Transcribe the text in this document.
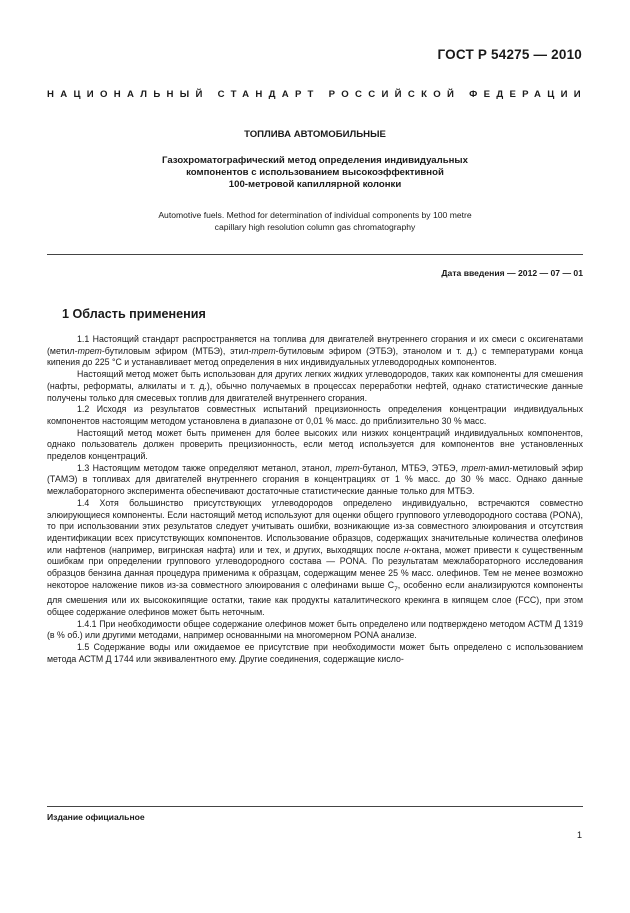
ГОСТ Р 54275 — 2010
НАЦИОНАЛЬНЫЙ СТАНДАРТ РОССИЙСКОЙ ФЕДЕРАЦИИ
ТОПЛИВА АВТОМОБИЛЬНЫЕ
Газохроматографический метод определения индивидуальных
компонентов с использованием высокоэффективной
100-метровой капиллярной колонки
Automotive fuels. Method for determination of individual components by 100 metre
capillary high resolution column gas chromatography
Дата введения — 2012 — 07 — 01
1 Область применения

1.1 Настоящий стандарт распространяется на топлива для двигателей внутреннего сгорания и их смеси с оксигенатами (метил-трет-бутиловым эфиром (МТБЭ), этил-трет-бутиловым эфиром (ЭТБЭ), этанолом и т. д.) с температурами конца кипения до 225 °С и устанавливает метод определения в них индивидуальных углеводородных компонентов.

Настоящий метод может быть использован для других легких жидких углеводородов, таких как компоненты для смешения (нафты, реформаты, алкилаты и т. д.), обычно получаемых в процессах переработки нефтей, однако статистические данные получены только для смесевых топлив для двигателей внутреннего сгорания.

1.2 Исходя из результатов совместных испытаний прецизионность определения концентрации индивидуальных компонентов настоящим методом установлена в диапазоне от 0,01 % масс. до приблизительно 30 % масс.

Настоящий метод может быть применен для более высоких или низких концентраций индивидуальных компонентов, однако пользователь должен проверить прецизионность, если метод используется для компонентов вне установленных пределов концентраций.

1.3 Настоящим методом также определяют метанол, этанол, трет-бутанол, МТБЭ, ЭТБЭ, трет-амил-метиловый эфир (ТАМЭ) в топливах для двигателей внутреннего сгорания в концентрациях от 1 % масс. до 30 % масс. Однако данные межлабораторного эксперимента обеспечивают достаточные статистические данные только для МТБЭ.

1.4 Хотя большинство присутствующих углеводородов определено индивидуально, встречаются совместно элюирующиеся компоненты. Если настоящий метод используют для оценки общего группового углеводородного состава (PONA), то при использовании этих результатов следует учитывать ошибки, возникающие из-за совместного элюирования и отсутствия идентификации всех присутствующих компонентов. Использование образцов, содержащих значительные количества олефинов или нафтенов (например, вигринская нафта) или и тех, и других, выходящих после н-октана, может привести к существенным ошибкам при определении группового углеводородного состава — PONA. По результатам межлабораторного исследования образцов бензина данная процедура применима к образцам, содержащим менее 25 % масс. олефинов. Тем не менее возможно некоторое наложение пиков из-за совместного элюирования с олефинами выше $C_7$, особенно если анализируются компоненты для смешения или их высококипящие остатки, такие как продукты каталитического крекинга в кипящем слое (FCC), при этом общее содержание олефинов может быть неточным.

1.4.1 При необходимости общее содержание олефинов может быть определено или подтверждено методом АСТМ Д 1319 (в % об.) или другими методами, например основанными на многомерном PONA анализе.

1.5 Содержание воды или ожидаемое ее присутствие при необходимости может быть определено с использованием метода АСТМ Д 1744 или эквивалентного ему. Другие соединения, содержащие кисло-

Издание официальное
1
